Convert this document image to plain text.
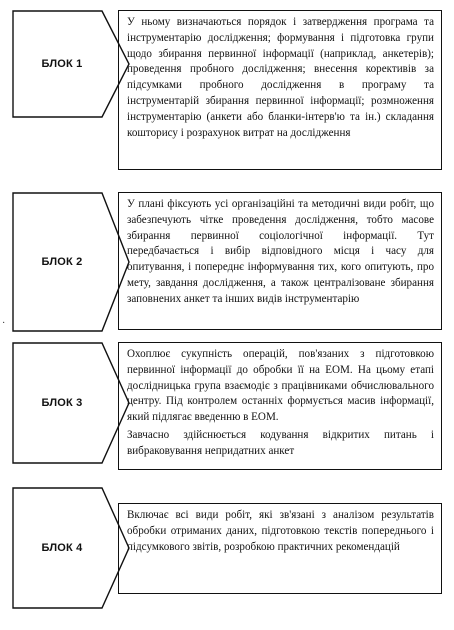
БЛОК 1

У ньому визначаються порядок і затвердження програма та інструментарію дослідження; формування і підготовка групи щодо збирання первинної інформації (наприклад, анкетерів); проведення пробного дослідження; внесення корективів за підсумками пробного дослідження в програму та інструментарій збирання первинної інформації; розмноження інструментарію (анкети або бланки-інтерв'ю та ін.) складання кошторису і розрахунок витрат на дослідження

БЛОК 2

У плані фіксують усі організаційні та методичні види робіт, що забезпечують чітке проведення дослідження, тобто масове збирання первинної соціологічної інформації. Тут передбачається і вибір відповідного місця і часу для опитування, і попереднє інформування тих, кого опитують, про мету, завдання дослідження, а також централізоване збирання заповнених анкет та інших видів інструментарію

БЛОК 3

Охоплює сукупність операцій, пов'язаних з підготовкою первинної інформації до обробки її на ЕОМ. На цьому етапі дослідницька група взаємодіє з працівниками обчислювального центру. Під контролем останніх формується масив інформації, який підлягає введенню в ЕОМ.

Завчасно здійснюється кодування відкритих питань і вибраковування непридатних анкет

БЛОК 4

Включає всі види робіт, які зв'язані з аналізом результатів обробки отриманих даних, підготовкою текстів попереднього і підсумкового звітів, розробкою практичних рекомендацій

·
